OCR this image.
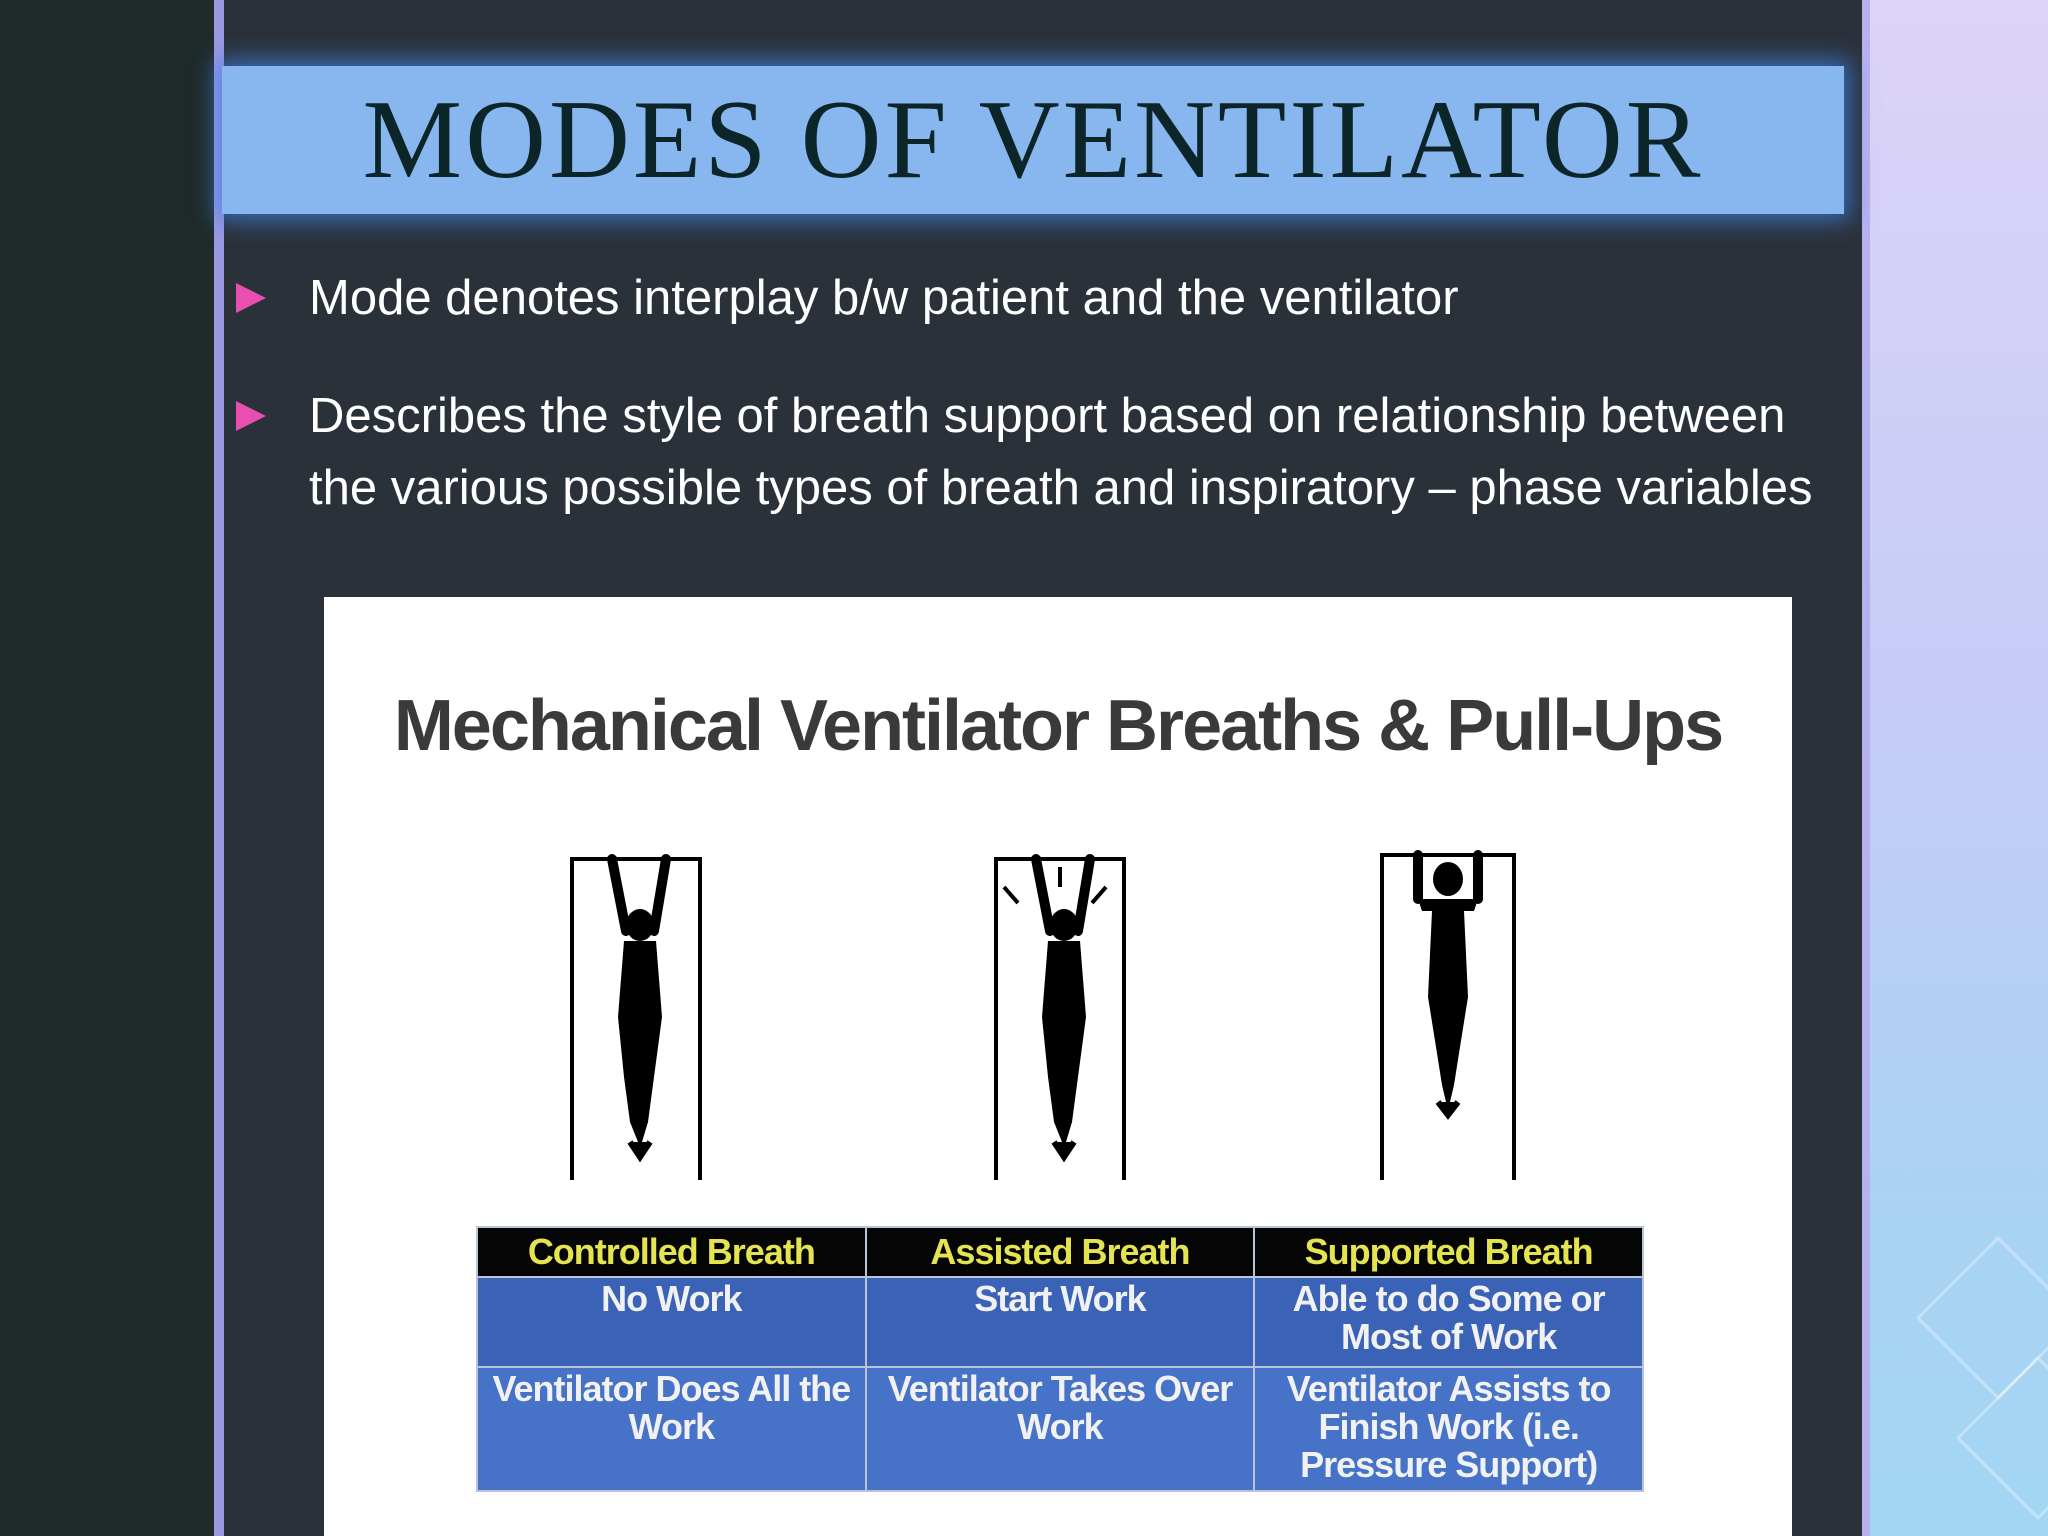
MODES OF VENTILATOR
Mode denotes interplay b/w patient and the ventilator
Describes the style of breath support based on relationship between the various possible types of breath and inspiratory – phase variables
Mechanical Ventilator Breaths & Pull-Ups
Controlled Breath	Assisted Breath	Supported Breath
No Work	Start Work	Able to do Some or Most of Work
Ventilator Does All the Work	Ventilator Takes Over Work	Ventilator Assists to Finish Work (i.e. Pressure Support)
